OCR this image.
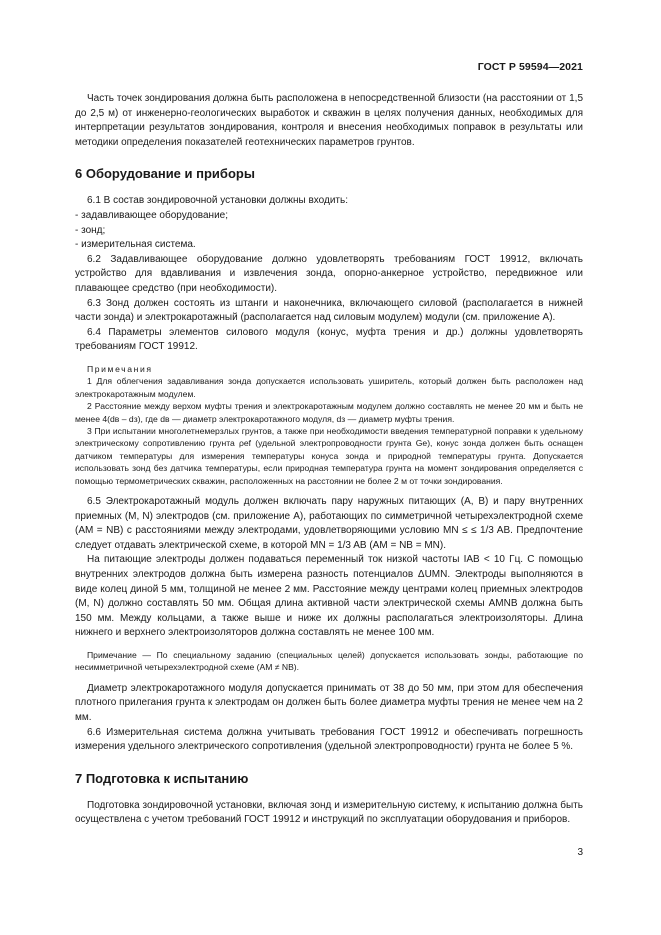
ГОСТ Р 59594—2021

Часть точек зондирования должна быть расположена в непосредственной близости (на расстоянии от 1,5 до 2,5 м) от инженерно-геологических выработок и скважин в целях получения данных, необходимых для интерпретации результатов зондирования, контроля и внесения необходимых поправок в результаты или методики определения показателей геотехнических параметров грунтов.

6 Оборудование и приборы

6.1 В состав зондировочной установки должны входить:

- задавливающее оборудование;

- зонд;

- измерительная система.

6.2 Задавливающее оборудование должно удовлетворять требованиям ГОСТ 19912, включать устройство для вдавливания и извлечения зонда, опорно-анкерное устройство, передвижное или плавающее средство (при необходимости).

6.3 Зонд должен состоять из штанги и наконечника, включающего силовой (располагается в нижней части зонда) и электрокаротажный (располагается над силовым модулем) модули (см. приложение А).

6.4 Параметры элементов силового модуля (конус, муфта трения и др.) должны удовлетворять требованиям ГОСТ 19912.

Примечания

1 Для облегчения задавливания зонда допускается использовать уширитель, который должен быть расположен над электрокаротажным модулем.

2 Расстояние между верхом муфты трения и электрокаротажным модулем должно составлять не менее 20 мм и быть не менее 4(dв – dз), где dв — диаметр электрокаротажного модуля, dз — диаметр муфты трения.

3 При испытании многолетнемерзлых грунтов, а также при необходимости введения температурной поправки к удельному электрическому сопротивлению грунта ρef (удельной электропроводности грунта Ge), конус зонда должен быть оснащен датчиком температуры для измерения температуры конуса зонда и природной температуры грунта. Допускается использовать зонд без датчика температуры, если природная температура грунта на момент зондирования определяется с помощью термометрических скважин, расположенных на расстоянии не более 2 м от точки зондирования.

6.5 Электрокаротажный модуль должен включать пару наружных питающих (A, B) и пару внутренних приемных (M, N) электродов (см. приложение А), работающих по симметричной четырехэлектродной схеме (AM = NB) с расстояниями между электродами, удовлетворяющими условию MN ≤ ≤ 1/3 AB. Предпочтение следует отдавать электрической схеме, в которой MN = 1/3 AB (AM = NB = MN).

На питающие электроды должен подаваться переменный ток низкой частоты IAB < 10 Гц. С помощью внутренних электродов должна быть измерена разность потенциалов ΔUMN. Электроды выполняются в виде колец диной 5 мм, толщиной не менее 2 мм. Расстояние между центрами колец приемных электродов (M, N) должно составлять 50 мм. Общая длина активной части электрической схемы AMNB должна быть 150 мм. Между кольцами, а также выше и ниже их должны располагаться электроизоляторы. Длина нижнего и верхнего электроизоляторов должна составлять не менее 100 мм.

Примечание — По специальному заданию (специальных целей) допускается использовать зонды, работающие по несимметричной четырехэлектродной схеме (AM ≠ NB).

Диаметр электрокаротажного модуля допускается принимать от 38 до 50 мм, при этом для обеспечения плотного прилегания грунта к электродам он должен быть более диаметра муфты трения не менее чем на 2 мм.

6.6 Измерительная система должна учитывать требования ГОСТ 19912 и обеспечивать погрешность измерения удельного электрического сопротивления (удельной электропроводности) грунта не более 5 %.

7 Подготовка к испытанию

Подготовка зондировочной установки, включая зонд и измерительную систему, к испытанию должна быть осуществлена с учетом требований ГОСТ 19912 и инструкций по эксплуатации оборудования и приборов.

3
